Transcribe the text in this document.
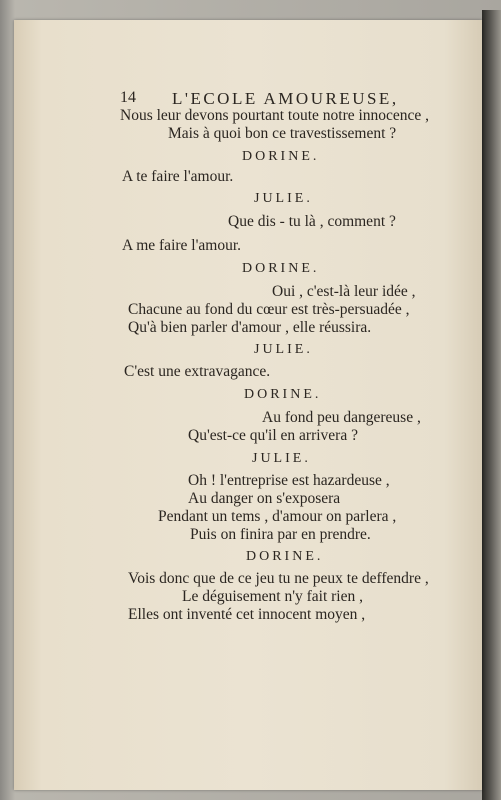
14 L'ECOLE AMOUREUSE,
Nous leur devons pourtant toute notre innocence ,
Mais à quoi bon ce travestissement ?
DORINE.
A te faire l'amour.
JULIE.
Que dis - tu là , comment ?
A me faire l'amour.
DORINE.
Oui , c'est-là leur idée ,
Chacune au fond du cœur est très-persuadée ,
Qu'à bien parler d'amour , elle réussira.
JULIE.
C'est une extravagance.
DORINE.
Au fond peu dangereuse ,
Qu'est-ce qu'il en arrivera ?
JULIE.
Oh ! l'entreprise est hazardeuse ,
Au danger on s'exposera
Pendant un tems , d'amour on parlera ,
Puis on finira par en prendre.
DORINE.
Vois donc que de ce jeu tu ne peux te deffendre ,
Le déguisement n'y fait rien ,
Elles ont inventé cet innocent moyen ,
